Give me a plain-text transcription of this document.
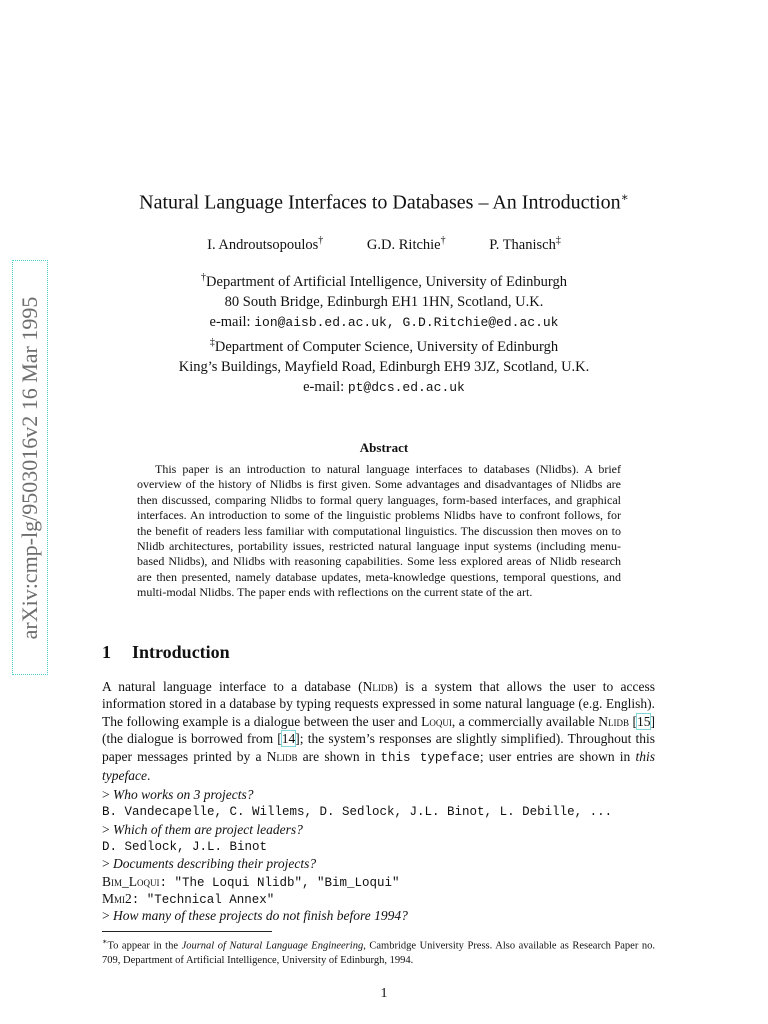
arXiv:cmp-lg/9503016v2 16 Mar 1995
Natural Language Interfaces to Databases – An Introduction∗
I. Androutsopoulos†	G.D. Ritchie†	P. Thanisch‡
†Department of Artificial Intelligence, University of Edinburgh
80 South Bridge, Edinburgh EH1 1HN, Scotland, U.K.
e-mail: ion@aisb.ed.ac.uk, G.D.Ritchie@ed.ac.uk
‡Department of Computer Science, University of Edinburgh
King’s Buildings, Mayfield Road, Edinburgh EH9 3JZ, Scotland, U.K.
e-mail: pt@dcs.ed.ac.uk
Abstract
This paper is an introduction to natural language interfaces to databases (Nlidbs). A brief overview of the history of Nlidbs is first given. Some advantages and disadvantages of Nlidbs are then discussed, comparing Nlidbs to formal query languages, form-based interfaces, and graphical interfaces. An introduction to some of the linguistic problems Nlidbs have to confront follows, for the benefit of readers less familiar with computational linguistics. The discussion then moves on to Nlidb architectures, portability issues, restricted natural language input systems (including menu-based Nlidbs), and Nlidbs with reasoning capabilities. Some less explored areas of Nlidb research are then presented, namely database updates, meta-knowledge questions, temporal questions, and multi-modal Nlidbs. The paper ends with reflections on the current state of the art.
1 Introduction
A natural language interface to a database (Nlidb) is a system that allows the user to access information stored in a database by typing requests expressed in some natural language (e.g. English). The following example is a dialogue between the user and Loqui, a commercially available Nlidb [15] (the dialogue is borrowed from [14]; the system’s responses are slightly simplified). Throughout this paper messages printed by a Nlidb are shown in this typeface; user entries are shown in this typeface.
> Who works on 3 projects?
B. Vandecapelle, C. Willems, D. Sedlock, J.L. Binot, L. Debille, ...
> Which of them are project leaders?
D. Sedlock, J.L. Binot
> Documents describing their projects?
Bim_Loqui: "The Loqui Nlidb", "Bim_Loqui"
Mmi2: "Technical Annex"
> How many of these projects do not finish before 1994?
∗To appear in the Journal of Natural Language Engineering, Cambridge University Press. Also available as Research Paper no. 709, Department of Artificial Intelligence, University of Edinburgh, 1994.
1
